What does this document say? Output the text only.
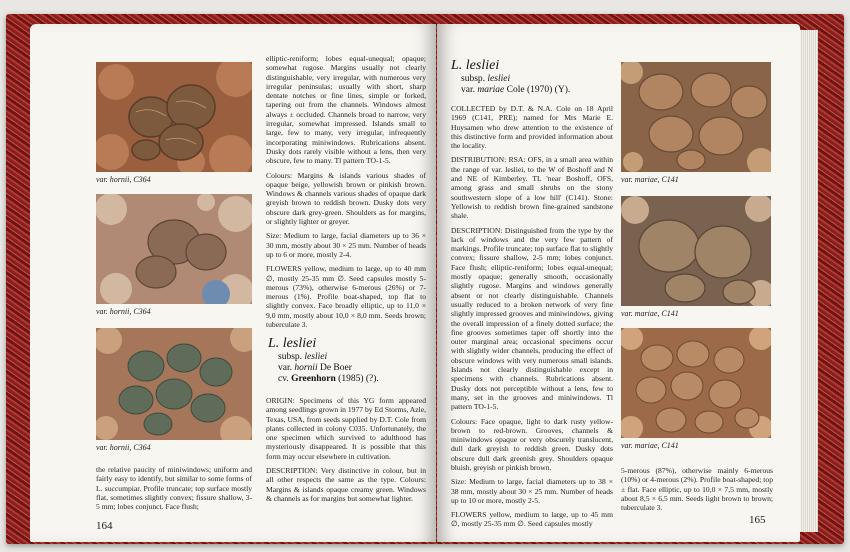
var. hornii, C364
var. hornii, C364
var. hornii, C364
the relative paucity of miniwindows; uniform and fairly easy to identify, but similar to some forms of L. succumpiar. Profile truncate; top surface mostly flat, sometimes slightly convex; fissure shallow, 3-5 mm; lobes conjunct. Face flush;

elliptic-reniform; lobes equal-unequal; opaque; somewhat rugose. Margins usually not clearly distinguishable, very irregular, with numerous very irregular peninsulas; usually with short, sharp dentate notches or fine lines, simple or forked, tapering out from the channels. Windows almost always ± occluded. Channels broad to narrow, very irregular, somewhat impressed. Islands small to large, few to many, very irregular, infrequently incorporating miniwindows. Rubrications absent. Dusky dots rarely visible without a lens, then very obscure, few to many. Tl pattern TO-1-5.

Colours: Margins & islands various shades of opaque beige, yellowish brown or pinkish brown. Windows & channels various shades of opaque dark greyish brown to reddish brown. Dusky dots very obscure dark grey-green. Shoulders as for margins, or slightly lighter or greyer.

Size: Medium to large, facial diameters up to 36 × 30 mm, mostly about 30 × 25 mm. Number of heads up to 6 or more, mostly 2-4.

FLOWERS yellow, medium to large, up to 40 mm ∅, mostly 25-35 mm ∅. Seed capsules mostly 5-merous (73%), otherwise 6-merous (26%) or 7-merous (1%). Profile boat-shaped, top flat to slightly convex. Face broadly elliptic, up to 11,0 × 9,0 mm, mostly about 10,0 × 8,0 mm. Seeds brown; tuberculate 3.

L. lesliei
subsp. lesliei
var. hornii De Boer
cv. Greenhorn (1985) (?).

ORIGIN: Specimens of this YG form appeared among seedlings grown in 1977 by Ed Storms, Azle, Texas, USA, from seeds supplied by D.T. Cole from plants collected in colony C035. Unfortunately, the one specimen which survived to adulthood has mysteriously disappeared. It is possible that this form may occur elsewhere in cultivation.

DESCRIPTION: Very distinctive in colour, but in all other respects the same as the type. Colours: Margins & islands opaque creamy green. Windows & channels as for margins but somewhat lighter.

164
L. lesliei
subsp. lesliei
var. mariae Cole (1970) (Y).

COLLECTED by D.T. & N.A. Cole on 18 April 1969 (C141, PRE); named for Mrs Marie E. Huysamen who drew attention to the existence of this distinctive form and provided information about the locality.

DISTRIBUTION: RSA: OFS, in a small area within the range of var. lesliei, to the W of Boshoff and N and NE of Kimberley. TL 'near Boshoff, OFS, among grass and small shrubs on the stony southwestern slope of a low hill' (C141). Stone: Yellowish to reddish brown fine-grained sandstone shale.

DESCRIPTION: Distinguished from the type by the lack of windows and the very few pattern of markings. Profile truncate; top surface flat to slightly convex; fissure shallow, 2-5 mm; lobes conjunct. Face flush; elliptic-reniform; lobes equal-unequal; mostly opaque; generally smooth, occasionally slightly rugose. Margins and windows generally absent or not clearly distinguishable. Channels usually reduced to a broken network of very fine slightly impressed grooves and miniwindows, giving the overall impression of a finely dotted surface; the fine grooves sometimes taper off shortly into the outer marginal area; occasional specimens occur with slightly wider channels, producing the effect of obscure windows with very numerous small islands. Islands not clearly distinguishable except in specimens with channels. Rubrications absent. Dusky dots not perceptible without a lens, few to many, set in the grooves and miniwindows. Tl pattern TO-1-5.

Colours: Face opaque, light to dark rusty yellow-brown to red-brown. Grooves, channels & miniwindows opaque or very obscurely translucent, dull dark greyish to reddish green. Dusky dots obscure dull dark greenish grey. Shoulders opaque bluish, greyish or pinkish brown.

Size: Medium to large, facial diameters up to 38 × 38 mm, mostly about 30 × 25 mm. Number of heads up to 10 or more, mostly 2-5.

FLOWERS yellow, medium to large, up to 45 mm ∅, mostly 25-35 mm ∅. Seed capsules mostly

var. mariae, C141
var. mariae, C141
var. mariae, C141
5-merous (87%), otherwise mainly 6-merous (10%) or 4-merous (2%). Profile boat-shaped; top ± flat. Face elliptic, up to 10,0 × 7,5 mm, mostly about 8,5 × 6,5 mm. Seeds light brown to brown; tuberculate 3.
165
